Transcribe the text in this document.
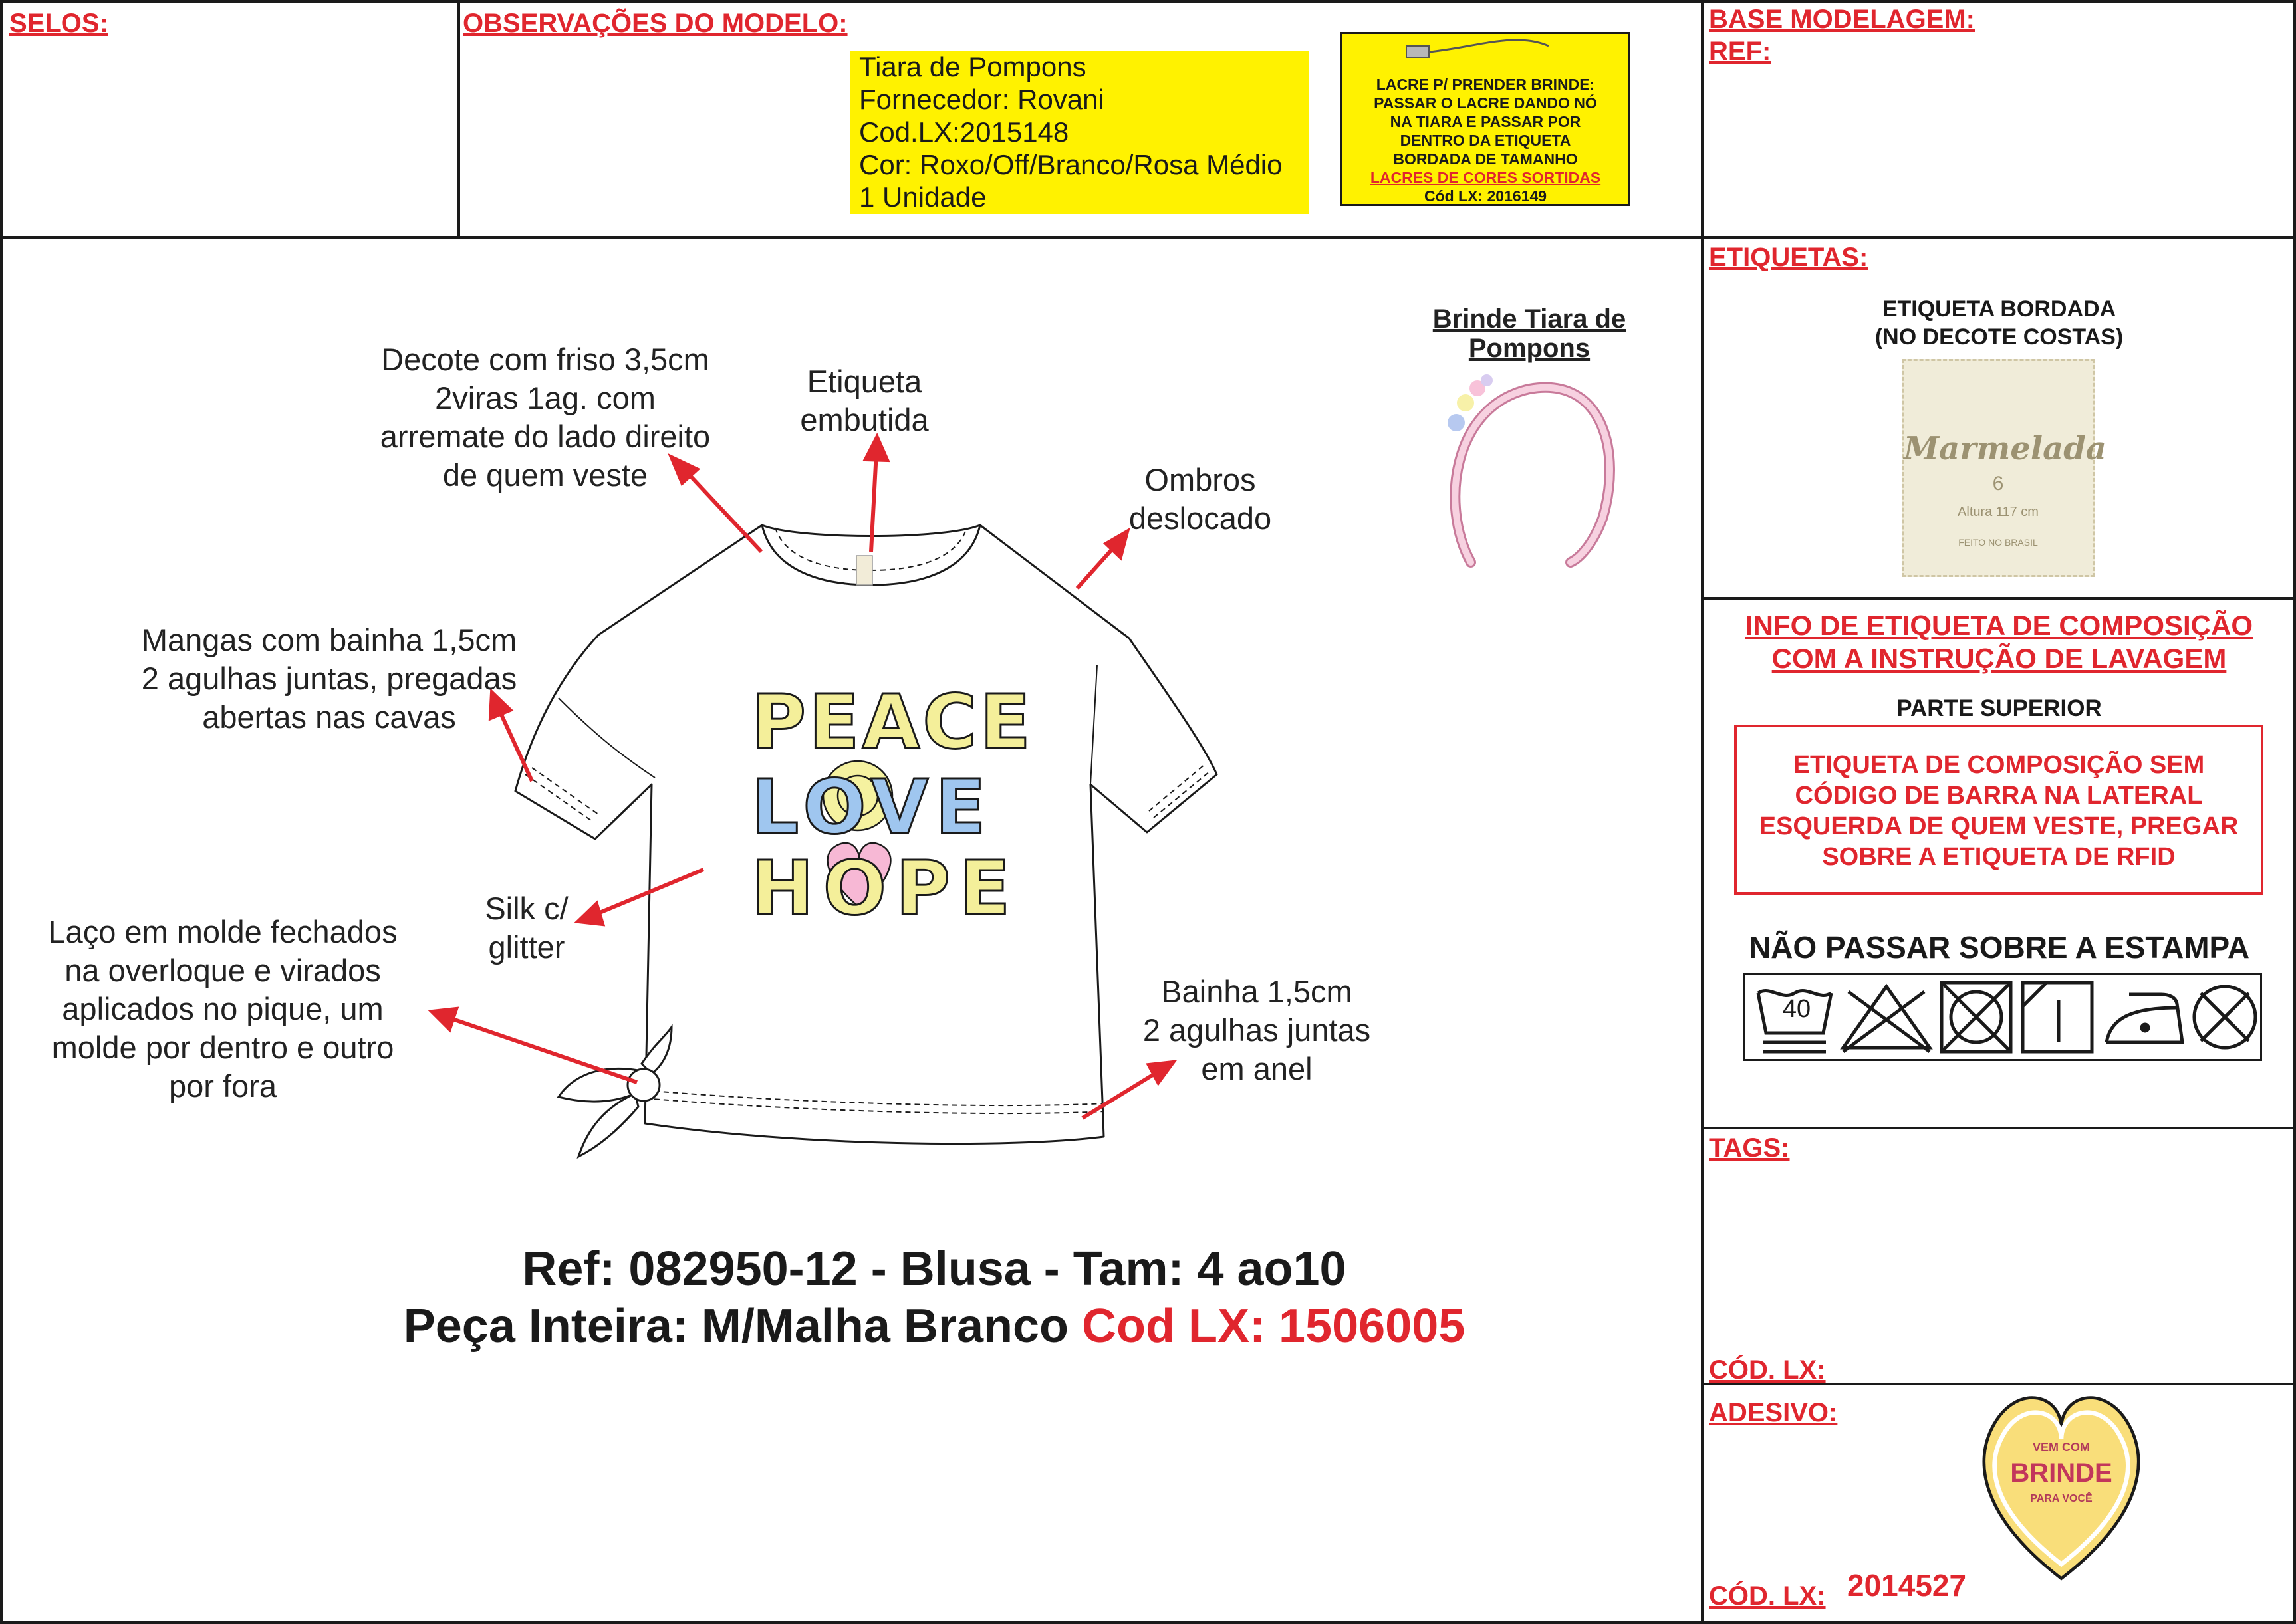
SELOS:	OBSERVAÇÕES DO MODELO:	BASE MODELAGEM:
REF:
ETIQUETAS:
INFO DE ETIQUETA DE COMPOSIÇÃO
COM A INSTRUÇÃO DE LAVAGEM
TAGS:
CÓD. LX:
ADESIVO:
CÓD. LX: 2014527
Tiara de Pompons
Fornecedor: Rovani
Cod.LX:2015148
Cor: Roxo/Off/Branco/Rosa Médio
1 Unidade
LACRE P/ PRENDER BRINDE:
PASSAR O LACRE DANDO NÓ
NA TIARA E PASSAR POR
DENTRO DA ETIQUETA
BORDADA DE TAMANHO
LACRES DE CORES SORTIDAS
Cód LX: 2016149
PEACE
LOVE
HOPE
Decote com friso 3,5cm
2viras 1ag. com
arremate do lado direito
de quem veste
Etiqueta
embutida
Ombros
deslocado
Mangas com bainha 1,5cm
2 agulhas juntas, pregadas
abertas nas cavas
Silk c/
glitter
Laço em molde fechados
na overloque e virados
aplicados no pique, um
molde por dentro e outro
por fora
Bainha 1,5cm
2 agulhas juntas
em anel
Brinde Tiara de
Pompons
Ref: 082950-12 - Blusa - Tam: 4 ao10
Peça Inteira: M/Malha Branco Cod LX: 1506005
ETIQUETA BORDADA
(NO DECOTE COSTAS)
Marmelada
6
Altura 117 cm
FEITO NO BRASIL
PARTE SUPERIOR
ETIQUETA DE COMPOSIÇÃO SEM
CÓDIGO DE BARRA NA LATERAL
ESQUERDA DE QUEM VESTE, PREGAR
SOBRE A ETIQUETA DE RFID
NÃO PASSAR SOBRE A ESTAMPA
40
VEM COM
BRINDE
PARA VOCÊ
